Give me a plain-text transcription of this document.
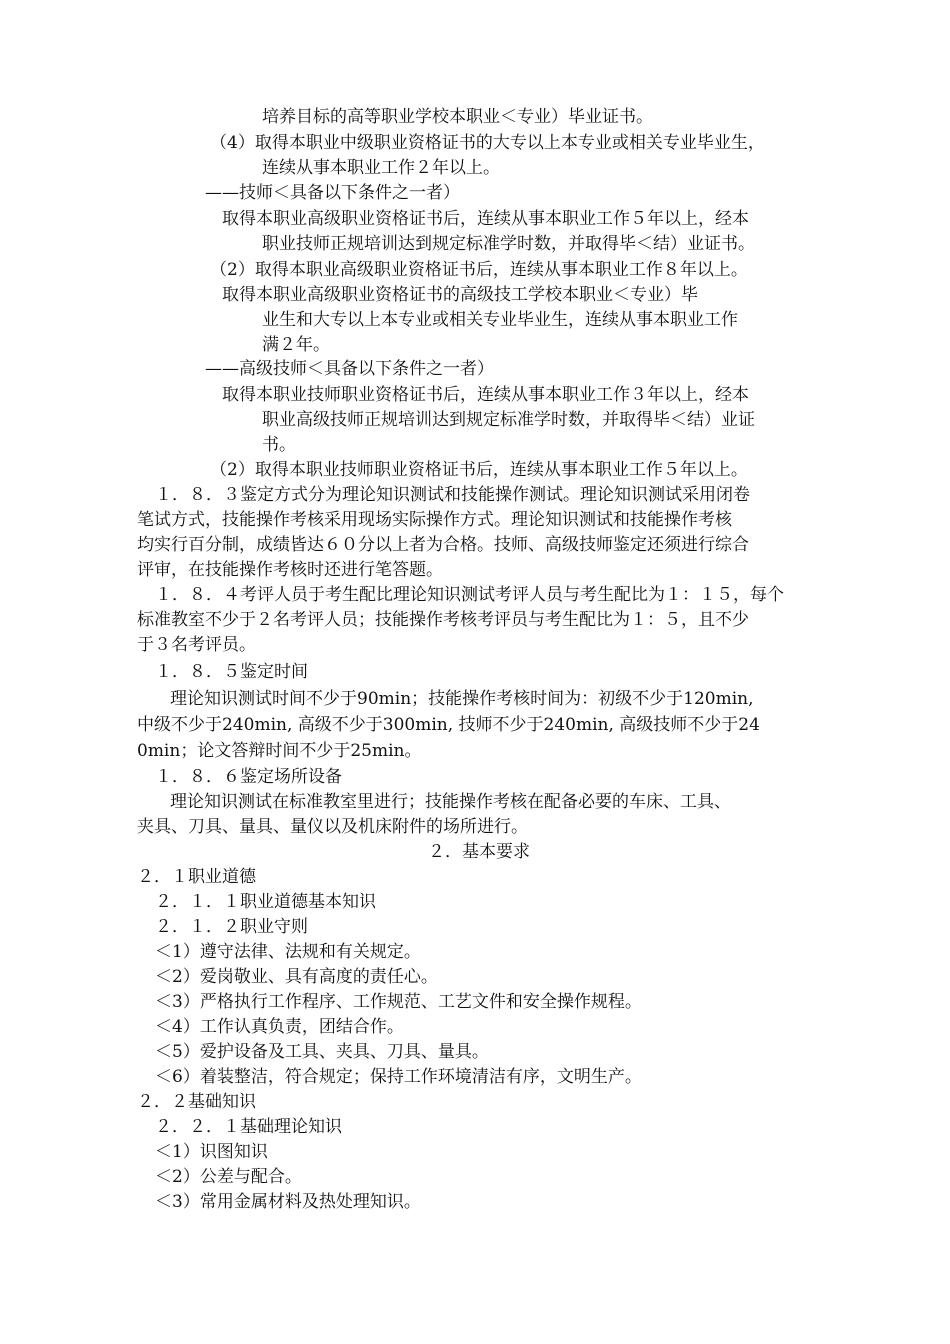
培养目标的高等职业学校本职业＜专业）毕业证书。
（4）取得本职业中级职业资格证书的大专以上本专业或相关专业毕业生，
连续从事本职业工作２年以上。
——技师＜具备以下条件之一者）
取得本职业高级职业资格证书后，连续从事本职业工作５年以上，经本
职业技师正规培训达到规定标准学时数，并取得毕＜结）业证书。
（2）取得本职业高级职业资格证书后，连续从事本职业工作８年以上。
取得本职业高级职业资格证书的高级技工学校本职业＜专业）毕
业生和大专以上本专业或相关专业毕业生，连续从事本职业工作
满２年。
——高级技师＜具备以下条件之一者）
取得本职业技师职业资格证书后，连续从事本职业工作３年以上，经本
职业高级技师正规培训达到规定标准学时数，并取得毕＜结）业证
书。
（2）取得本职业技师职业资格证书后，连续从事本职业工作５年以上。
１．８．３鉴定方式分为理论知识测试和技能操作测试。理论知识测试采用闭卷
笔试方式，技能操作考核采用现场实际操作方式。理论知识测试和技能操作考核
均实行百分制，成绩皆达６０分以上者为合格。技师、高级技师鉴定还须进行综合
评审，在技能操作考核时还进行笔答题。
１．８．４考评人员于考生配比理论知识测试考评人员与考生配比为１：１５，每个
标准教室不少于２名考评人员；技能操作考核考评员与考生配比为１：５，且不少
于３名考评员。
１．８．５鉴定时间
理论知识测试时间不少于90min；技能操作考核时间为：初级不少于120min,
中级不少于240min, 高级不少于300min, 技师不少于240min, 高级技师不少于24
0min；论文答辩时间不少于25min。
１．８．６鉴定场所设备
理论知识测试在标准教室里进行；技能操作考核在配备必要的车床、工具、
夹具、刀具、量具、量仪以及机床附件的场所进行。
２．基本要求
２．１职业道德
２．１．１职业道德基本知识
２．１．２职业守则
＜1）遵守法律、法规和有关规定。
＜2）爱岗敬业、具有高度的责任心。
＜3）严格执行工作程序、工作规范、工艺文件和安全操作规程。
＜4）工作认真负责，团结合作。
＜5）爱护设备及工具、夹具、刀具、量具。
＜6）着装整洁，符合规定；保持工作环境清洁有序，文明生产。
２．２基础知识
２．２．１基础理论知识
＜1）识图知识
＜2）公差与配合。
＜3）常用金属材料及热处理知识。
